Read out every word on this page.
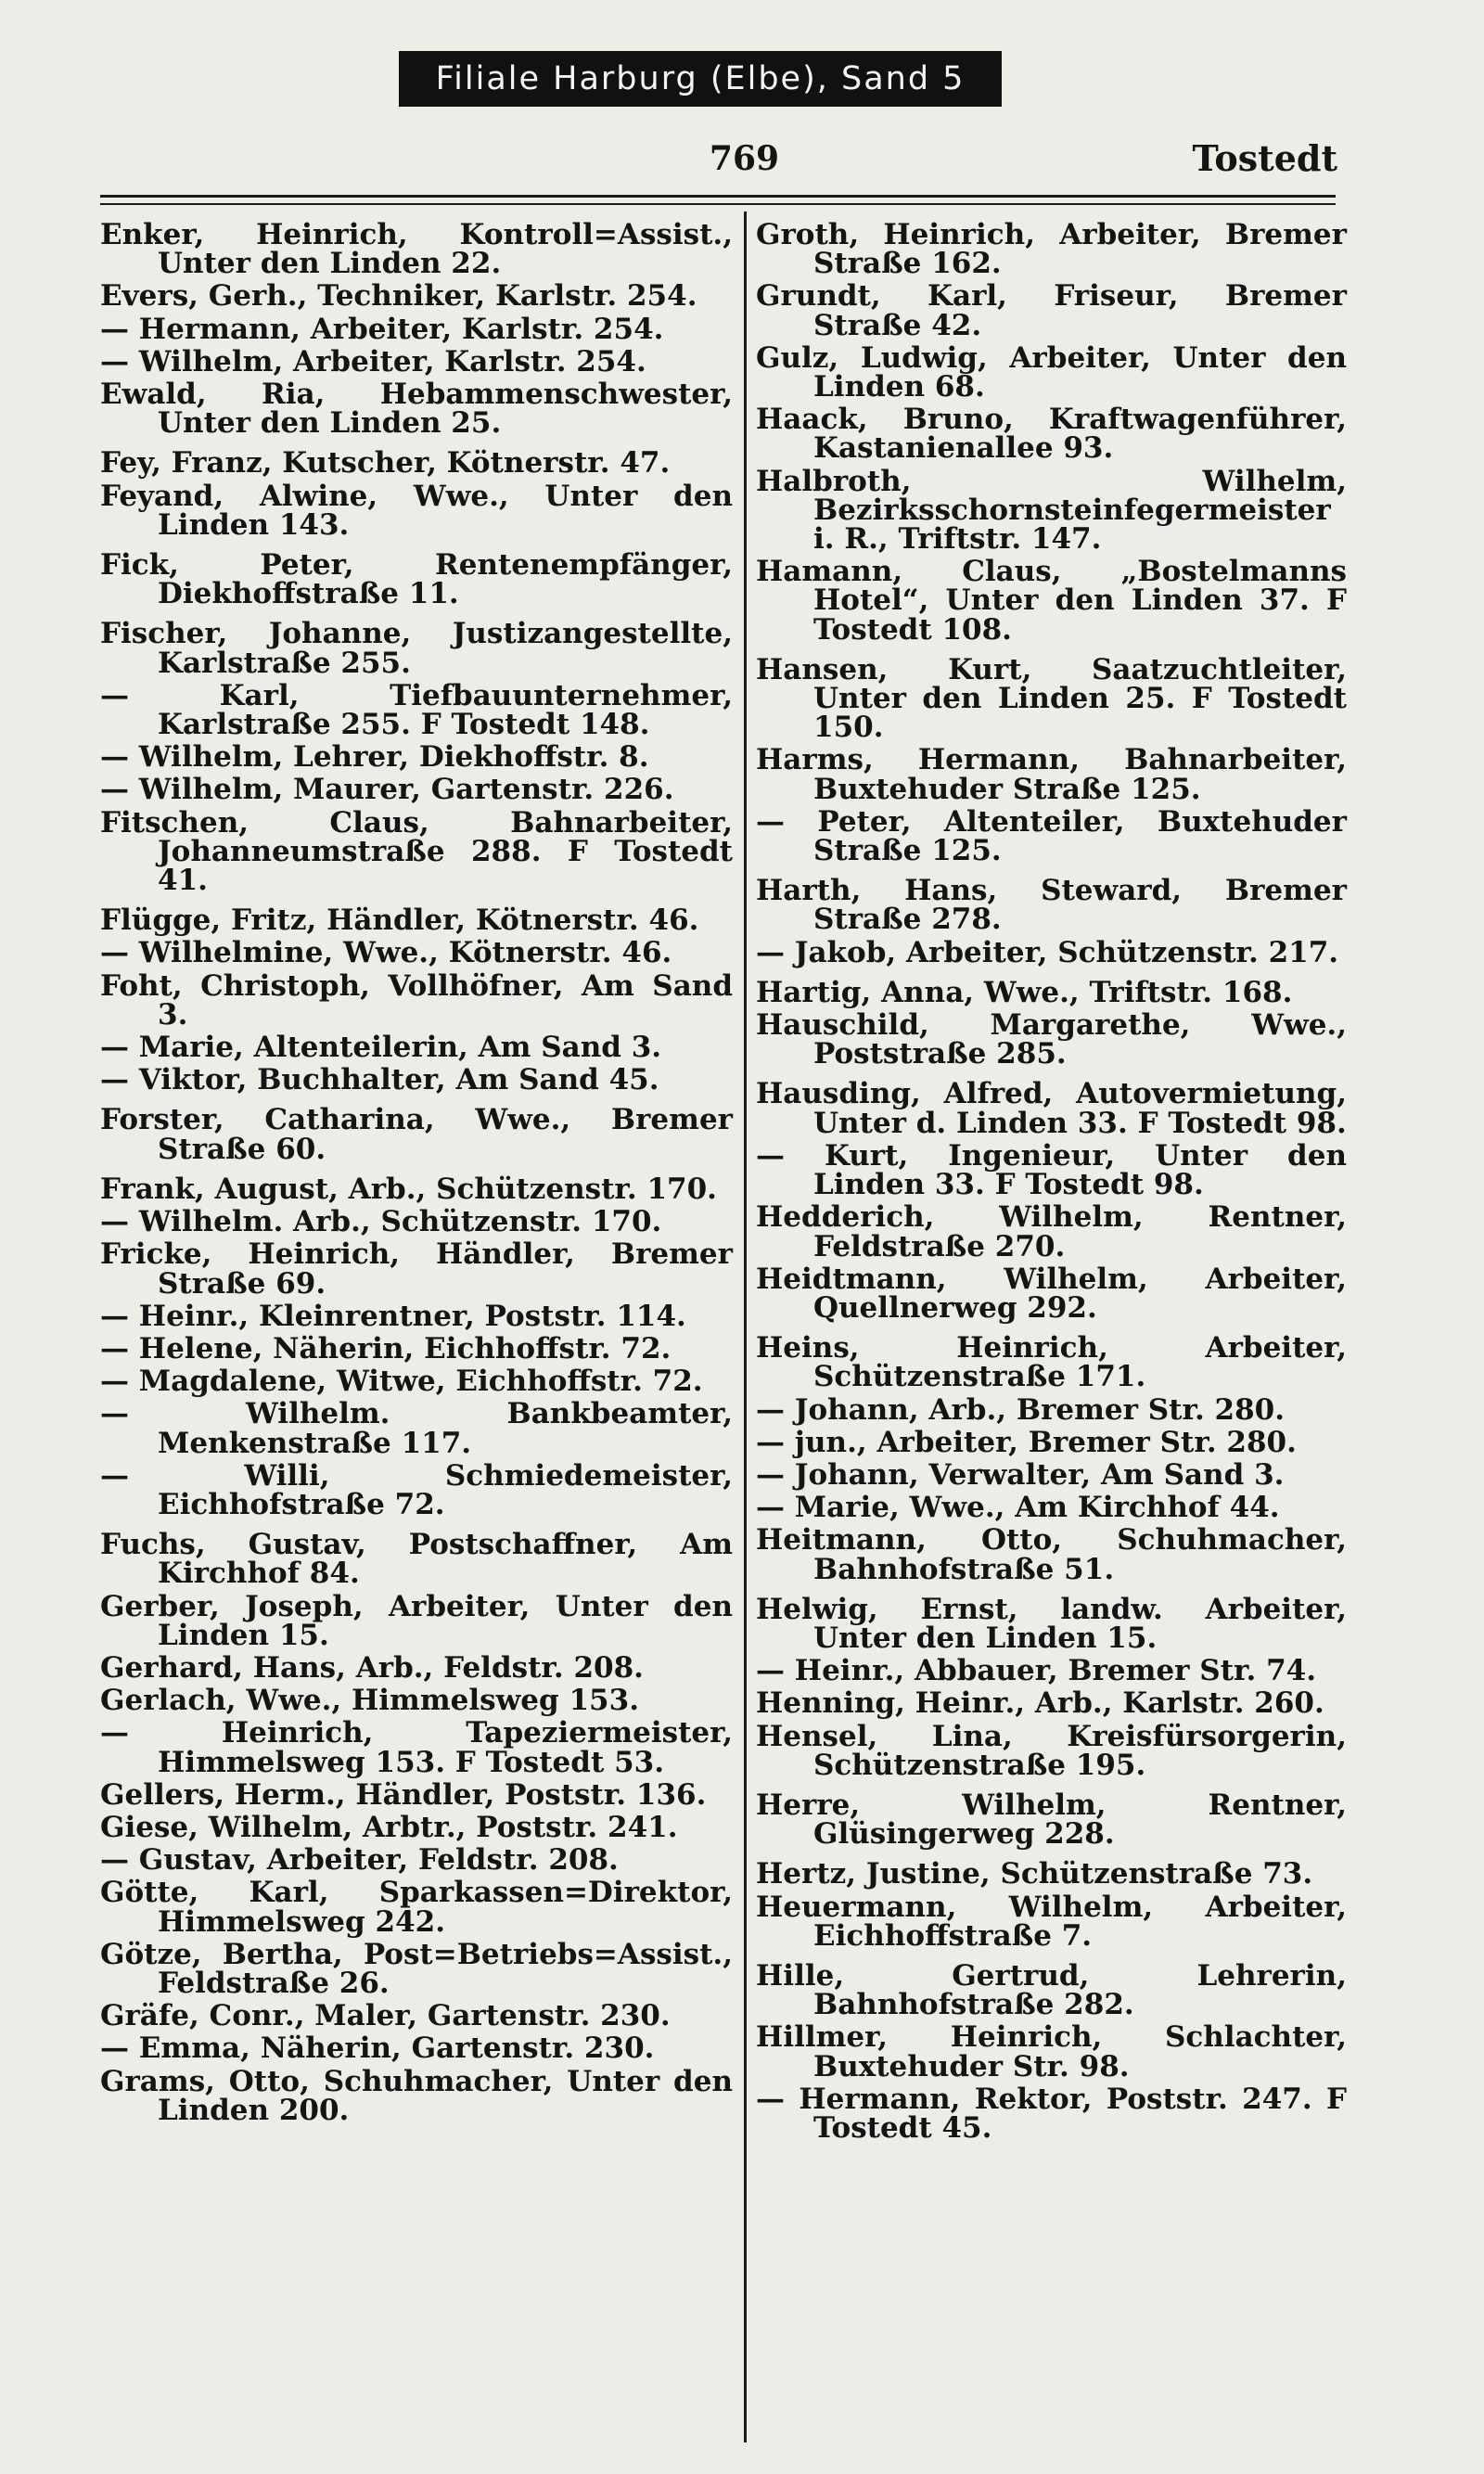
Filiale Harburg (Elbe), Sand 5
769	Tostedt
Enker, Heinrich, Kontroll=Assist., Unter den Linden 22.
Evers, Gerh., Techniker, Karlstr. 254.
— Hermann, Arbeiter, Karlstr. 254.
— Wilhelm, Arbeiter, Karlstr. 254.
Ewald, Ria, Hebammenschwester, Unter den Linden 25.
Fey, Franz, Kutscher, Kötnerstr. 47.
Feyand, Alwine, Wwe., Unter den Linden 143.
Fick, Peter, Rentenempfänger, Diekhoffstraße 11.
Fischer, Johanne, Justizangestellte, Karlstraße 255.
— Karl, Tiefbauunternehmer, Karlstraße 255. F Tostedt 148.
— Wilhelm, Lehrer, Diekhoffstr. 8.
— Wilhelm, Maurer, Gartenstr. 226.
Fitschen, Claus, Bahnarbeiter, Johanneumstraße 288. F Tostedt 41.
Flügge, Fritz, Händler, Kötnerstr. 46.
— Wilhelmine, Wwe., Kötnerstr. 46.
Foht, Christoph, Vollhöfner, Am Sand 3.
— Marie, Altenteilerin, Am Sand 3.
— Viktor, Buchhalter, Am Sand 45.
Forster, Catharina, Wwe., Bremer Straße 60.
Frank, August, Arb., Schützenstr. 170.
— Wilhelm. Arb., Schützenstr. 170.
Fricke, Heinrich, Händler, Bremer Straße 69.
— Heinr., Kleinrentner, Poststr. 114.
— Helene, Näherin, Eichhoffstr. 72.
— Magdalene, Witwe, Eichhoffstr. 72.
— Wilhelm. Bankbeamter, Menkenstraße 117.
— Willi, Schmiedemeister, Eichhofstraße 72.
Fuchs, Gustav, Postschaffner, Am Kirchhof 84.
Gerber, Joseph, Arbeiter, Unter den Linden 15.
Gerhard, Hans, Arb., Feldstr. 208.
Gerlach, Wwe., Himmelsweg 153.
— Heinrich, Tapeziermeister, Himmelsweg 153. F Tostedt 53.
Gellers, Herm., Händler, Poststr. 136.
Giese, Wilhelm, Arbtr., Poststr. 241.
— Gustav, Arbeiter, Feldstr. 208.
Götte, Karl, Sparkassen=Direktor, Himmelsweg 242.
Götze, Bertha, Post=Betriebs=Assist., Feldstraße 26.
Gräfe, Conr., Maler, Gartenstr. 230.
— Emma, Näherin, Gartenstr. 230.
Grams, Otto, Schuhmacher, Unter den Linden 200.
Groth, Heinrich, Arbeiter, Bremer Straße 162.
Grundt, Karl, Friseur, Bremer Straße 42.
Gulz, Ludwig, Arbeiter, Unter den Linden 68.
Haack, Bruno, Kraftwagenführer, Kastanienallee 93.
Halbroth, Wilhelm, Bezirksschornsteinfegermeister i. R., Triftstr. 147.
Hamann, Claus, „Bostelmanns Hotel“, Unter den Linden 37. F Tostedt 108.
Hansen, Kurt, Saatzuchtleiter, Unter den Linden 25. F Tostedt 150.
Harms, Hermann, Bahnarbeiter, Buxtehuder Straße 125.
— Peter, Altenteiler, Buxtehuder Straße 125.
Harth, Hans, Steward, Bremer Straße 278.
— Jakob, Arbeiter, Schützenstr. 217.
Hartig, Anna, Wwe., Triftstr. 168.
Hauschild, Margarethe, Wwe., Poststraße 285.
Hausding, Alfred, Autovermietung, Unter d. Linden 33. F Tostedt 98.
— Kurt, Ingenieur, Unter den Linden 33. F Tostedt 98.
Hedderich, Wilhelm, Rentner, Feldstraße 270.
Heidtmann, Wilhelm, Arbeiter, Quellnerweg 292.
Heins, Heinrich, Arbeiter, Schützenstraße 171.
— Johann, Arb., Bremer Str. 280.
— jun., Arbeiter, Bremer Str. 280.
— Johann, Verwalter, Am Sand 3.
— Marie, Wwe., Am Kirchhof 44.
Heitmann, Otto, Schuhmacher, Bahnhofstraße 51.
Helwig, Ernst, landw. Arbeiter, Unter den Linden 15.
— Heinr., Abbauer, Bremer Str. 74.
Henning, Heinr., Arb., Karlstr. 260.
Hensel, Lina, Kreisfürsorgerin, Schützenstraße 195.
Herre, Wilhelm, Rentner, Glüsingerweg 228.
Hertz, Justine, Schützenstraße 73.
Heuermann, Wilhelm, Arbeiter, Eichhoffstraße 7.
Hille, Gertrud, Lehrerin, Bahnhofstraße 282.
Hillmer, Heinrich, Schlachter, Buxtehuder Str. 98.
— Hermann, Rektor, Poststr. 247. F Tostedt 45.
